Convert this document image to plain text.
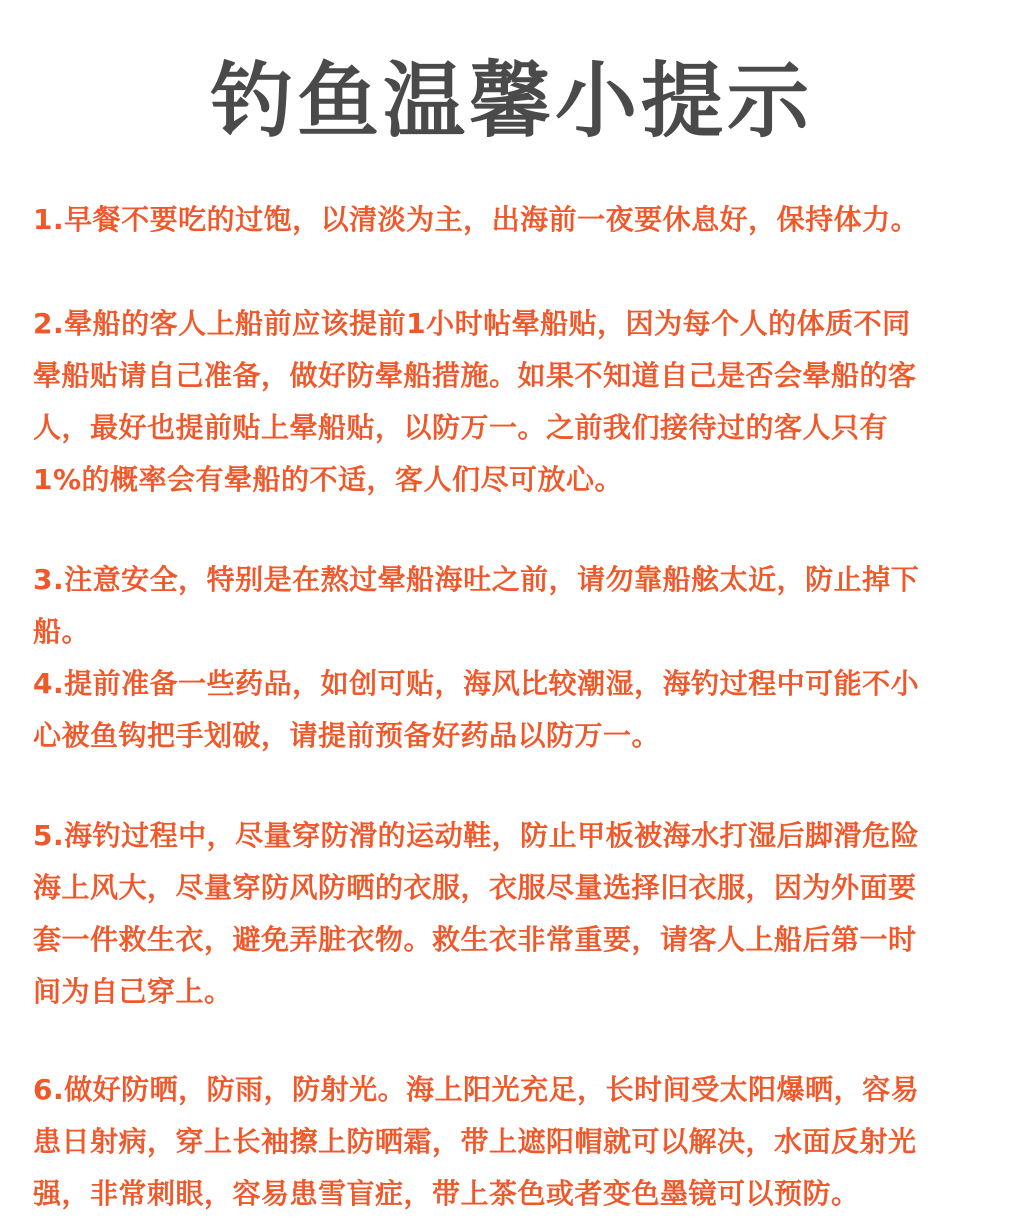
钓鱼温馨小提示
1.早餐不要吃的过饱，以清淡为主，出海前一夜要休息好，保持体力。
2.晕船的客人上船前应该提前1小时帖晕船贴，因为每个人的体质不同
晕船贴请自己准备，做好防晕船措施。如果不知道自己是否会晕船的客
人，最好也提前贴上晕船贴，以防万一。之前我们接待过的客人只有
1%的概率会有晕船的不适，客人们尽可放心。
3.注意安全，特别是在熬过晕船海吐之前，请勿靠船舷太近，防止掉下
船。
4.提前准备一些药品，如创可贴，海风比较潮湿，海钓过程中可能不小
心被鱼钩把手划破，请提前预备好药品以防万一。
5.海钓过程中，尽量穿防滑的运动鞋，防止甲板被海水打湿后脚滑危险
海上风大，尽量穿防风防晒的衣服，衣服尽量选择旧衣服，因为外面要
套一件救生衣，避免弄脏衣物。救生衣非常重要，请客人上船后第一时
间为自己穿上。
6.做好防晒，防雨，防射光。海上阳光充足，长时间受太阳爆晒，容易
患日射病，穿上长袖擦上防晒霜，带上遮阳帽就可以解决，水面反射光
强，非常刺眼，容易患雪盲症，带上茶色或者变色墨镜可以预防。
